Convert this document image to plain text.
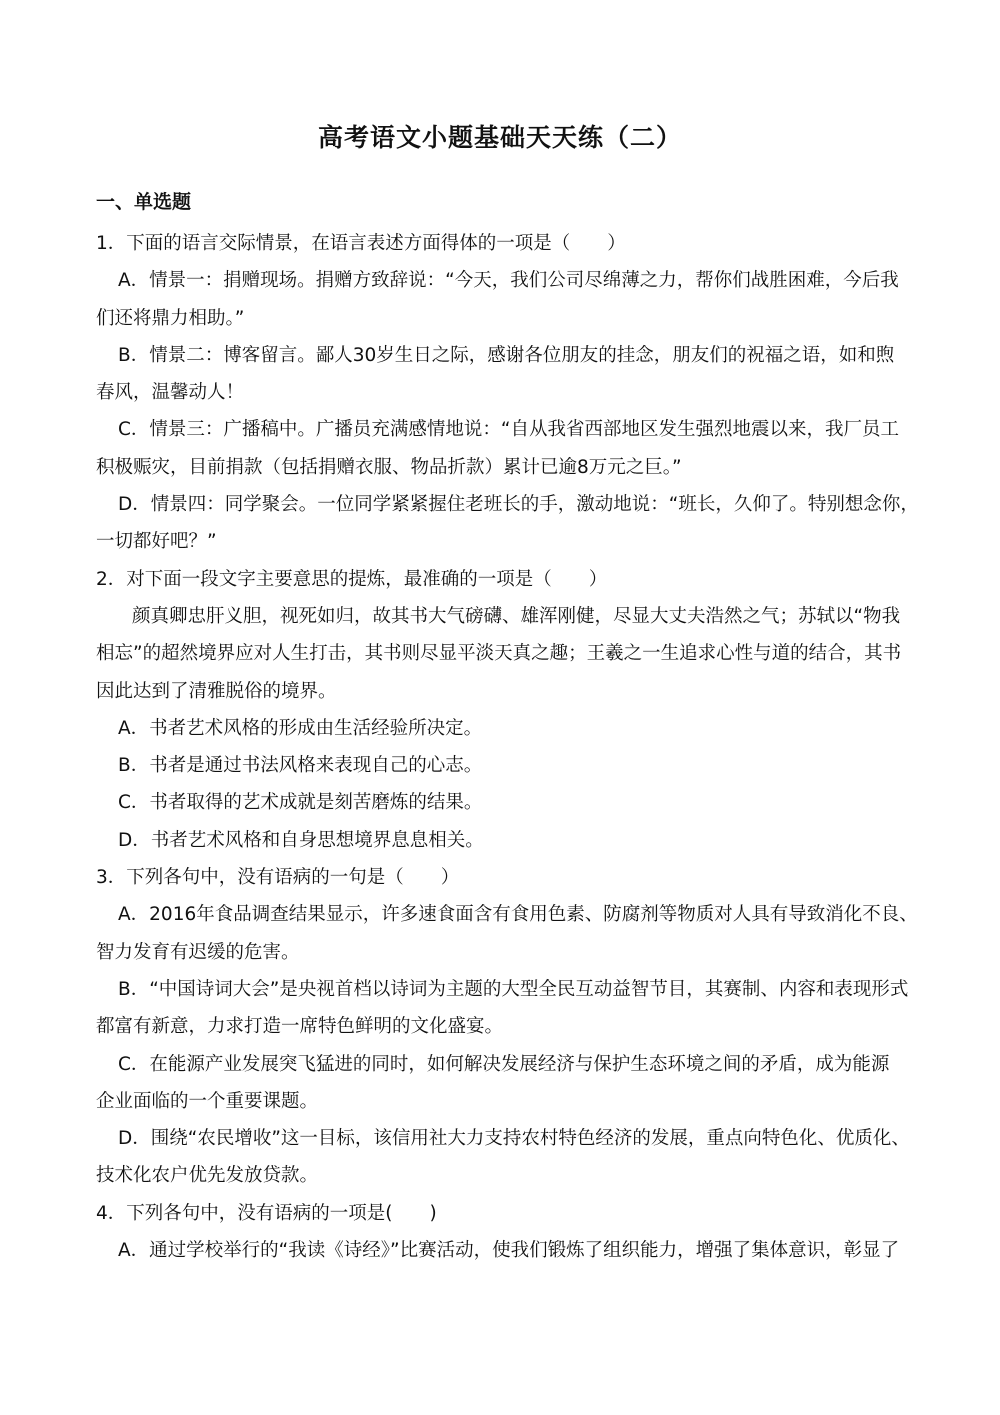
高考语文小题基础天天练（二）
一、单选题

1．下面的语言交际情景，在语言表述方面得体的一项是（　　）

A．情景一：捐赠现场。捐赠方致辞说：“今天，我们公司尽绵薄之力，帮你们战胜困难，今后我

们还将鼎力相助。”

B．情景二：博客留言。鄙人30岁生日之际，感谢各位朋友的挂念，朋友们的祝福之语，如和煦

春风，温馨动人！

C．情景三：广播稿中。广播员充满感情地说：“自从我省西部地区发生强烈地震以来，我厂员工

积极赈灾，目前捐款（包括捐赠衣服、物品折款）累计已逾8万元之巨。”

D．情景四：同学聚会。一位同学紧紧握住老班长的手，激动地说：“班长，久仰了。特别想念你，

一切都好吧？”

2．对下面一段文字主要意思的提炼，最准确的一项是（　　）

颜真卿忠肝义胆，视死如归，故其书大气磅礴、雄浑刚健，尽显大丈夫浩然之气；苏轼以“物我

相忘”的超然境界应对人生打击，其书则尽显平淡天真之趣；王羲之一生追求心性与道的结合，其书

因此达到了清雅脱俗的境界。

A．书者艺术风格的形成由生活经验所决定。

B．书者是通过书法风格来表现自己的心志。

C．书者取得的艺术成就是刻苦磨炼的结果。

D．书者艺术风格和自身思想境界息息相关。

3．下列各句中，没有语病的一句是（　　）

A．2016年食品调查结果显示，许多速食面含有食用色素、防腐剂等物质对人具有导致消化不良、

智力发育有迟缓的危害。

B．“中国诗词大会”是央视首档以诗词为主题的大型全民互动益智节目，其赛制、内容和表现形式

都富有新意，力求打造一席特色鲜明的文化盛宴。

C．在能源产业发展突飞猛进的同时，如何解决发展经济与保护生态环境之间的矛盾，成为能源

企业面临的一个重要课题。

D．围绕“农民增收”这一目标，该信用社大力支持农村特色经济的发展，重点向特色化、优质化、

技术化农户优先发放贷款。

4．下列各句中，没有语病的一项是(　　)

A．通过学校举行的“我读《诗经》”比赛活动，使我们锻炼了组织能力，增强了集体意识，彰显了
